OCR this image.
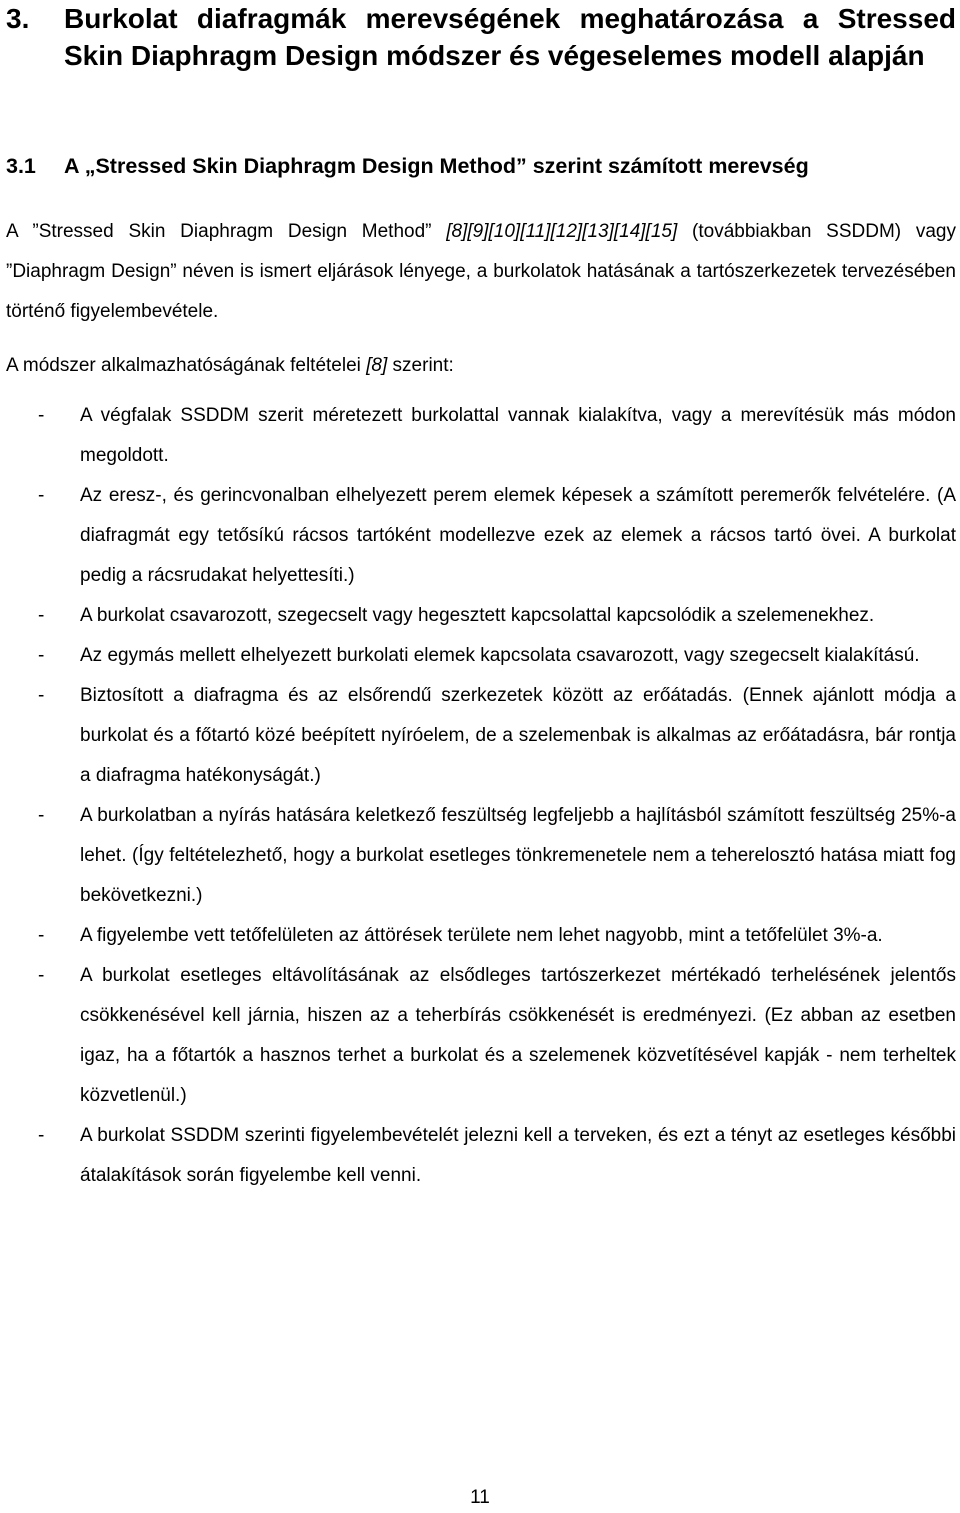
3. Burkolat diafragmák merevségének meghatározása a Stressed Skin Diaphragm Design módszer és végeselemes modell alapján
3.1 A „Stressed Skin Diaphragm Design Method” szerint számított merevség
A ”Stressed Skin Diaphragm Design Method” [8][9][10][11][12][13][14][15] (továbbiakban SSDDM) vagy ”Diaphragm Design” néven is ismert eljárások lényege, a burkolatok hatásának a tartószerkezetek tervezésében történő figyelembevétele.
A módszer alkalmazhatóságának feltételei [8] szerint:
- A végfalak SSDDM szerit méretezett burkolattal vannak kialakítva, vagy a merevítésük más módon megoldott.
- Az eresz-, és gerincvonalban elhelyezett perem elemek képesek a számított peremerők felvételére. (A diafragmát egy tetősíkú rácsos tartóként modellezve ezek az elemek a rácsos tartó övei. A burkolat pedig a rácsrudakat helyettesíti.)
- A burkolat csavarozott, szegecselt vagy hegesztett kapcsolattal kapcsolódik a szelemenekhez.
- Az egymás mellett elhelyezett burkolati elemek kapcsolata csavarozott, vagy szegecselt kialakítású.
- Biztosított a diafragma és az elsőrendű szerkezetek között az erőátadás. (Ennek ajánlott módja a burkolat és a főtartó közé beépített nyíróelem, de a szelemenbak is alkalmas az erőátadásra, bár rontja a diafragma hatékonyságát.)
- A burkolatban a nyírás hatására keletkező feszültség legfeljebb a hajlításból számított feszültség 25%-a lehet. (Így feltételezhető, hogy a burkolat esetleges tönkremenetele nem a teherelosztó hatása miatt fog bekövetkezni.)
- A figyelembe vett tetőfelületen az áttörések területe nem lehet nagyobb, mint a tetőfelület 3%-a.
- A burkolat esetleges eltávolításának az elsődleges tartószerkezet mértékadó terhelésének jelentős csökkenésével kell járnia, hiszen az a teherbírás csökkenését is eredményezi. (Ez abban az esetben igaz, ha a főtartók a hasznos terhet a burkolat és a szelemenek közvetítésével kapják - nem terheltek közvetlenül.)
- A burkolat SSDDM szerinti figyelembevételét jelezni kell a terveken, és ezt a tényt az esetleges későbbi átalakítások során figyelembe kell venni.
11
